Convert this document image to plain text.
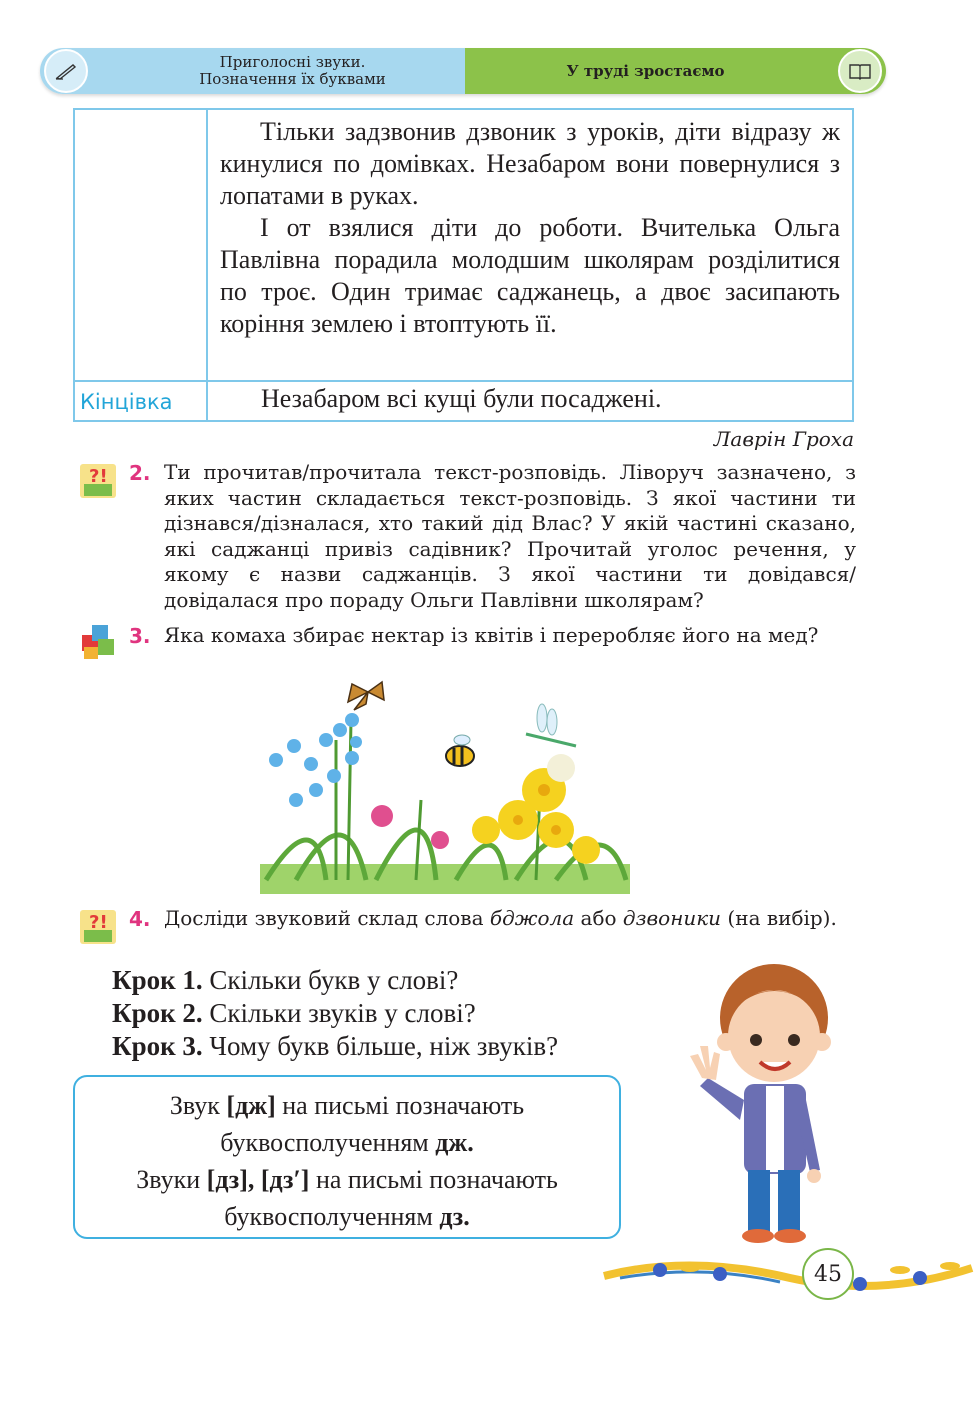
Приголосні звуки.
Позначення їх буквами	У труді зростаємо

Тільки задзвонив дзвоник з уроків, діти відразу ж кинулися по домівках. Незабаром вони повернулися з лопатами в руках.

І от взялися діти до роботи. Вчителька Ольга Павлівна порадила молодшим школярам розділитися по троє. Один тримає саджанець, а двоє засипають коріння землею і втоптують її.

Кінцівка	Незабаром всі кущі були посаджені.
Лаврін Гроха
?! 2. Ти прочитав/прочитала текст-розповідь. Ліворуч зазначено, з яких частин складається текст-розповідь. З якої частини ти дізнався/дізналася, хто такий дід Влас? У якій частині сказано, які саджанці привіз садівник? Прочитай уголос речення, у якому є назви саджанців. З якої частини ти довідався/довідалася про пораду Ольги Павлівни школярам?
3. Яка комаха збирає нектар із квітів і переробляє його на мед?
?! 4. Досліди звуковий склад слова бджола або дзвоники (на вибір).
Крок 1. Скільки букв у слові?
Крок 2. Скільки звуків у слові?
Крок 3. Чому букв більше, ніж звуків?
Звук [дж] на письмі позначають
буквосполученням дж.
Звуки [дз], [дз′] на письмі позначають
буквосполученням дз.
45
